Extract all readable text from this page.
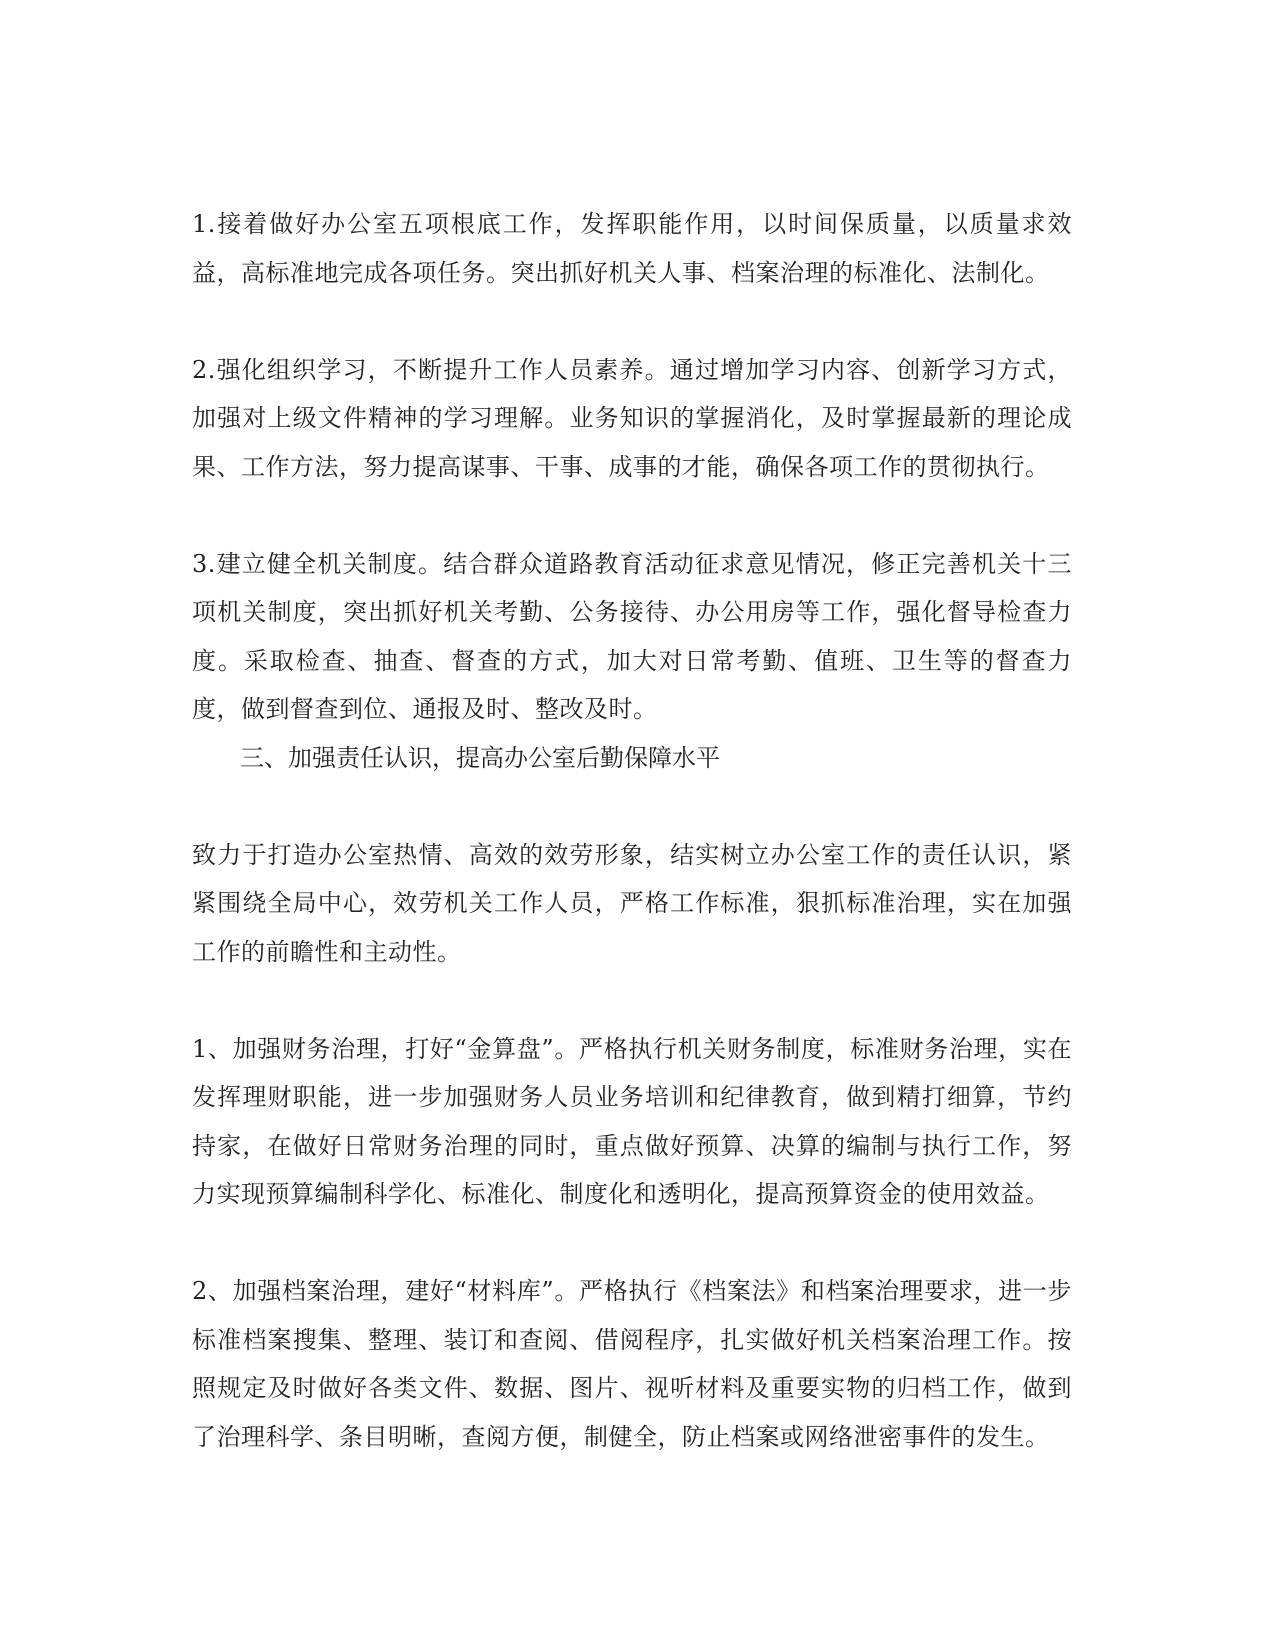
1.接着做好办公室五项根底工作，发挥职能作用，以时间保质量，以质量求效益，高标准地完成各项任务。突出抓好机关人事、档案治理的标准化、法制化。

2.强化组织学习，不断提升工作人员素养。通过增加学习内容、创新学习方式，加强对上级文件精神的学习理解。业务知识的掌握消化，及时掌握最新的理论成果、工作方法，努力提高谋事、干事、成事的才能，确保各项工作的贯彻执行。

3.建立健全机关制度。结合群众道路教育活动征求意见情况，修正完善机关十三项机关制度，突出抓好机关考勤、公务接待、办公用房等工作，强化督导检查力度。采取检查、抽查、督查的方式，加大对日常考勤、值班、卫生等的督查力度，做到督查到位、通报及时、整改及时。

三、加强责任认识，提高办公室后勤保障水平

致力于打造办公室热情、高效的效劳形象，结实树立办公室工作的责任认识，紧紧围绕全局中心，效劳机关工作人员，严格工作标准，狠抓标准治理，实在加强工作的前瞻性和主动性。

1、加强财务治理，打好“金算盘”。严格执行机关财务制度，标准财务治理，实在发挥理财职能，进一步加强财务人员业务培训和纪律教育，做到精打细算，节约持家，在做好日常财务治理的同时，重点做好预算、决算的编制与执行工作，努力实现预算编制科学化、标准化、制度化和透明化，提高预算资金的使用效益。

2、加强档案治理，建好“材料库”。严格执行《档案法》和档案治理要求，进一步标准档案搜集、整理、装订和查阅、借阅程序，扎实做好机关档案治理工作。按照规定及时做好各类文件、数据、图片、视听材料及重要实物的归档工作，做到了治理科学、条目明晰，查阅方便，制健全，防止档案或网络泄密事件的发生。
